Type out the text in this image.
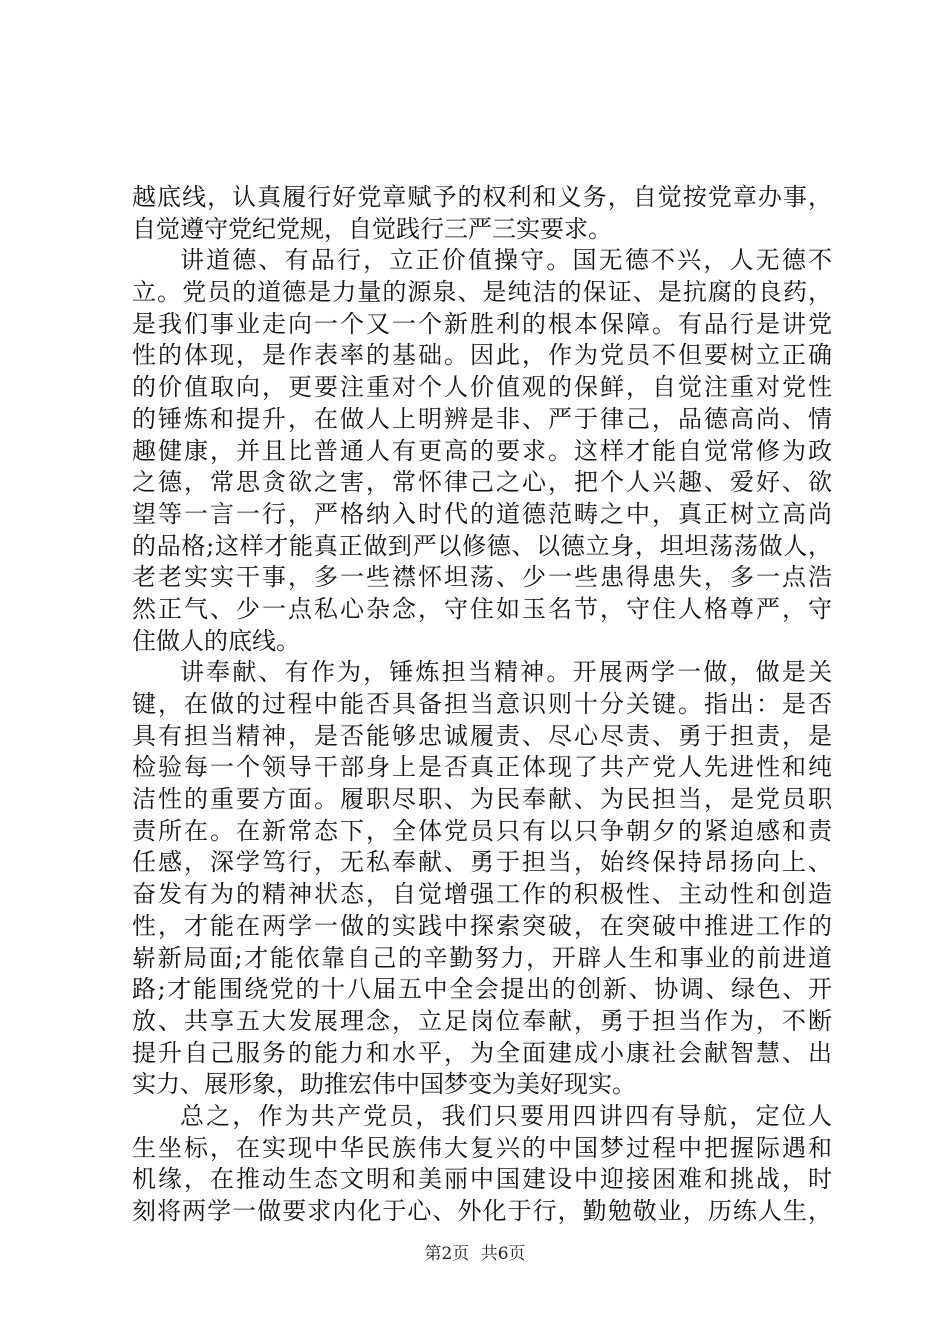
越底线，认真履行好党章赋予的权利和义务，自觉按党章办事，
自觉遵守党纪党规，自觉践行三严三实要求。
讲道德、有品行，立正价值操守。国无德不兴，人无德不
立。党员的道德是力量的源泉、是纯洁的保证、是抗腐的良药，
是我们事业走向一个又一个新胜利的根本保障。有品行是讲党
性的体现，是作表率的基础。因此，作为党员不但要树立正确
的价值取向，更要注重对个人价值观的保鲜，自觉注重对党性
的锤炼和提升，在做人上明辨是非、严于律己，品德高尚、情
趣健康，并且比普通人有更高的要求。这样才能自觉常修为政
之德，常思贪欲之害，常怀律己之心，把个人兴趣、爱好、欲
望等一言一行，严格纳入时代的道德范畴之中，真正树立高尚
的品格;这样才能真正做到严以修德、以德立身，坦坦荡荡做人，
老老实实干事，多一些襟怀坦荡、少一些患得患失，多一点浩
然正气、少一点私心杂念，守住如玉名节，守住人格尊严，守
住做人的底线。
讲奉献、有作为，锤炼担当精神。开展两学一做，做是关
键，在做的过程中能否具备担当意识则十分关键。指出：是否
具有担当精神，是否能够忠诚履责、尽心尽责、勇于担责，是
检验每一个领导干部身上是否真正体现了共产党人先进性和纯
洁性的重要方面。履职尽职、为民奉献、为民担当，是党员职
责所在。在新常态下，全体党员只有以只争朝夕的紧迫感和责
任感，深学笃行，无私奉献、勇于担当，始终保持昂扬向上、
奋发有为的精神状态，自觉增强工作的积极性、主动性和创造
性，才能在两学一做的实践中探索突破，在突破中推进工作的
崭新局面;才能依靠自己的辛勤努力，开辟人生和事业的前进道
路;才能围绕党的十八届五中全会提出的创新、协调、绿色、开
放、共享五大发展理念，立足岗位奉献，勇于担当作为，不断
提升自己服务的能力和水平，为全面建成小康社会献智慧、出
实力、展形象，助推宏伟中国梦变为美好现实。
总之，作为共产党员，我们只要用四讲四有导航，定位人
生坐标，在实现中华民族伟大复兴的中国梦过程中把握际遇和
机缘，在推动生态文明和美丽中国建设中迎接困难和挑战，时
刻将两学一做要求内化于心、外化于行，勤勉敬业，历练人生，
第2页 共6页
